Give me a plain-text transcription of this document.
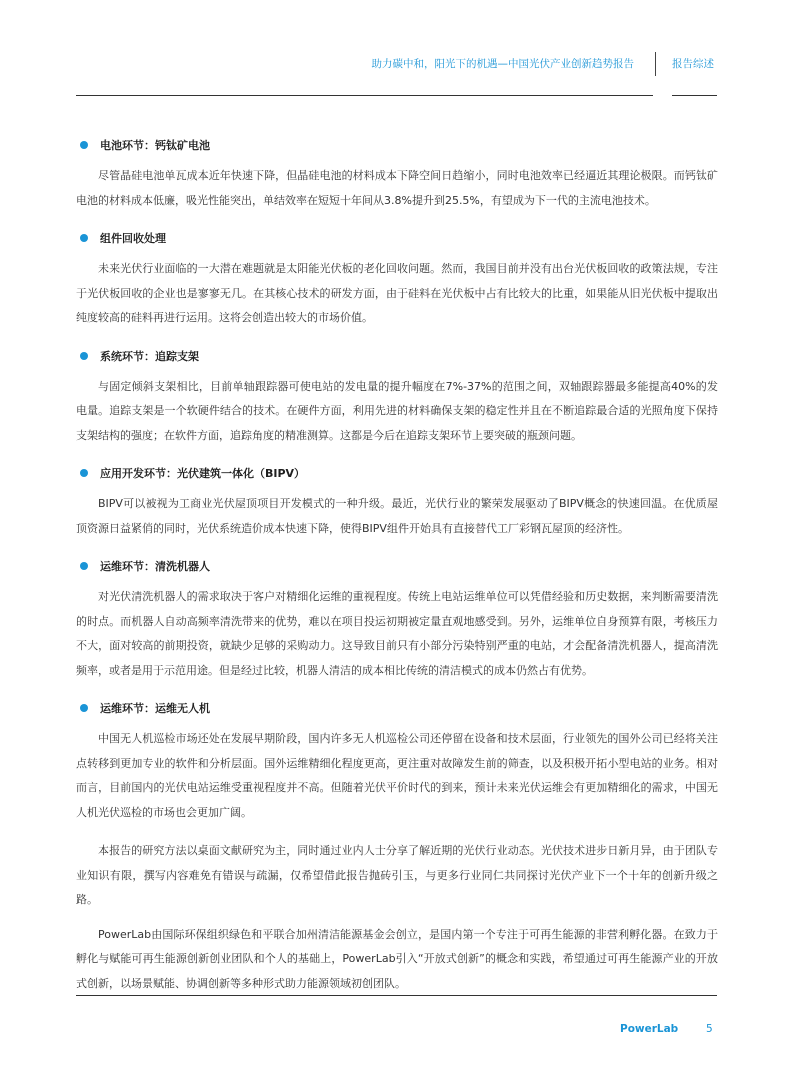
助力碳中和，阳光下的机遇—中国光伏产业创新趋势报告	报告综述
电池环节：钙钛矿电池

尽管晶硅电池单瓦成本近年快速下降，但晶硅电池的材料成本下降空间日趋缩小，同时电池效率已经逼近其理论极限。而钙钛矿电池的材料成本低廉，吸光性能突出，单结效率在短短十年间从3.8%提升到25.5%，有望成为下一代的主流电池技术。

组件回收处理

未来光伏行业面临的一大潜在难题就是太阳能光伏板的老化回收问题。然而，我国目前并没有出台光伏板回收的政策法规，专注于光伏板回收的企业也是寥寥无几。在其核心技术的研发方面，由于硅料在光伏板中占有比较大的比重，如果能从旧光伏板中提取出纯度较高的硅料再进行运用。这将会创造出较大的市场价值。

系统环节：追踪支架

与固定倾斜支架相比，目前单轴跟踪器可使电站的发电量的提升幅度在7%-37%的范围之间，双轴跟踪器最多能提高40%的发电量。追踪支架是一个软硬件结合的技术。在硬件方面，利用先进的材料确保支架的稳定性并且在不断追踪最合适的光照角度下保持支架结构的强度；在软件方面，追踪角度的精准测算。这都是今后在追踪支架环节上要突破的瓶颈问题。

应用开发环节：光伏建筑一体化（BIPV）

BIPV可以被视为工商业光伏屋顶项目开发模式的一种升级。最近，光伏行业的繁荣发展驱动了BIPV概念的快速回温。在优质屋顶资源日益紧俏的同时，光伏系统造价成本快速下降，使得BIPV组件开始具有直接替代工厂彩钢瓦屋顶的经济性。

运维环节：清洗机器人

对光伏清洗机器人的需求取决于客户对精细化运维的重视程度。传统上电站运维单位可以凭借经验和历史数据，来判断需要清洗的时点。而机器人自动高频率清洗带来的优势，难以在项目投运初期被定量直观地感受到。另外，运维单位自身预算有限，考核压力不大，面对较高的前期投资，就缺少足够的采购动力。这导致目前只有小部分污染特别严重的电站，才会配备清洗机器人，提高清洗频率，或者是用于示范用途。但是经过比较，机器人清洁的成本相比传统的清洁模式的成本仍然占有优势。

运维环节：运维无人机

中国无人机巡检市场还处在发展早期阶段，国内许多无人机巡检公司还停留在设备和技术层面，行业领先的国外公司已经将关注点转移到更加专业的软件和分析层面。国外运维精细化程度更高，更注重对故障发生前的筛查，以及积极开拓小型电站的业务。相对而言，目前国内的光伏电站运维受重视程度并不高。但随着光伏平价时代的到来，预计未来光伏运维会有更加精细化的需求，中国无人机光伏巡检的市场也会更加广阔。

本报告的研究方法以桌面文献研究为主，同时通过业内人士分享了解近期的光伏行业动态。光伏技术进步日新月异，由于团队专业知识有限，撰写内容难免有错误与疏漏，仅希望借此报告抛砖引玉，与更多行业同仁共同探讨光伏产业下一个十年的创新升级之路。

PowerLab由国际环保组织绿色和平联合加州清洁能源基金会创立，是国内第一个专注于可再生能源的非营利孵化器。在致力于孵化与赋能可再生能源创新创业团队和个人的基础上，PowerLab引入“开放式创新”的概念和实践，希望通过可再生能源产业的开放式创新，以场景赋能、协调创新等多种形式助力能源领域初创团队。

PowerLab	5
